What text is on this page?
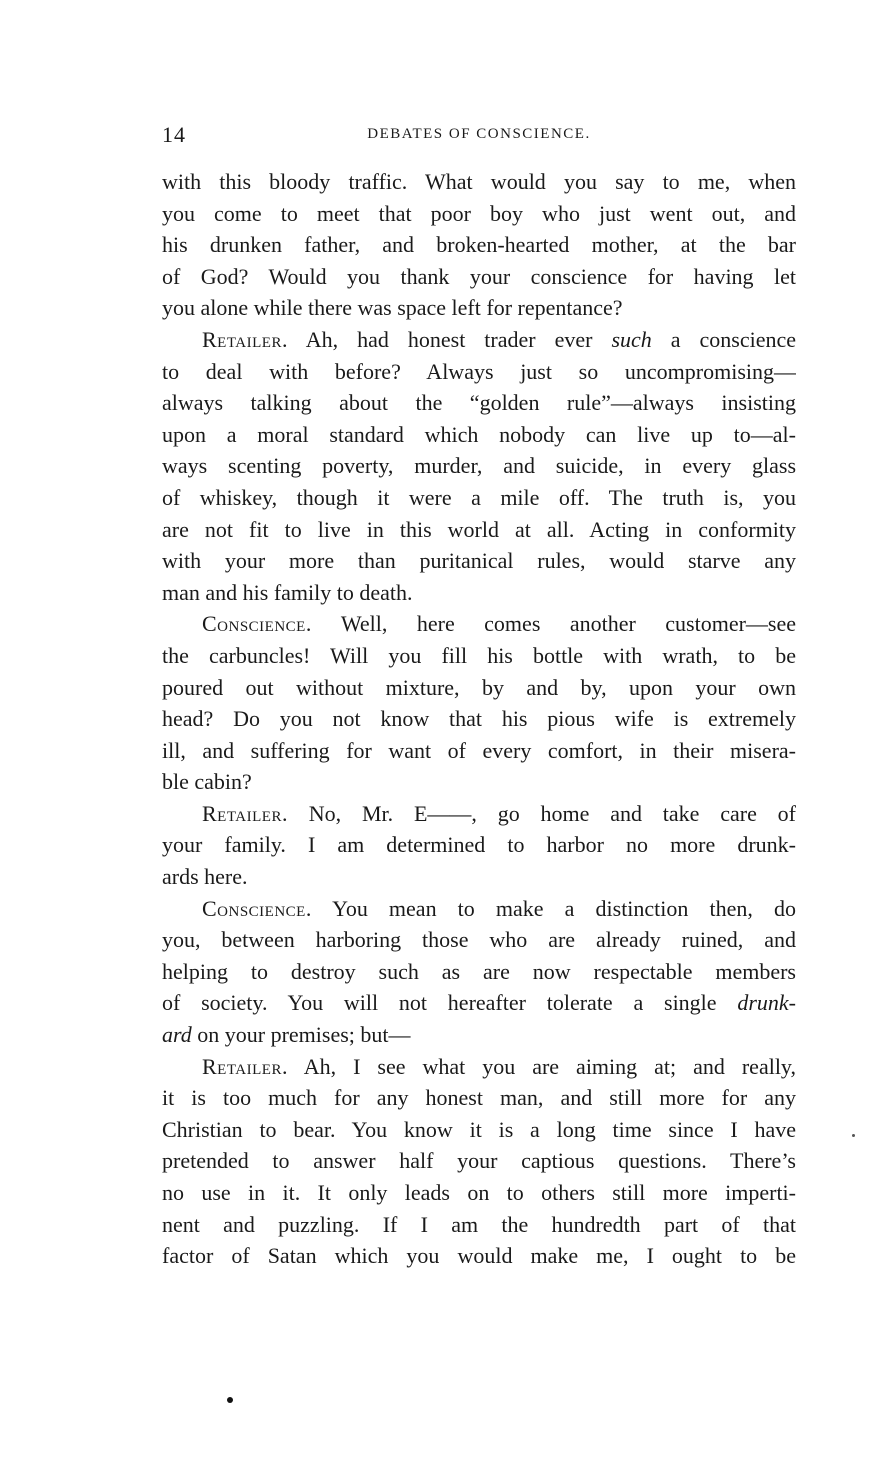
14	DEBATES OF CONSCIENCE.
with this bloody traffic. What would you say to me, when
you come to meet that poor boy who just went out, and
his drunken father, and broken-hearted mother, at the bar
of God? Would you thank your conscience for having let
you alone while there was space left for repentance?
Retailer. Ah, had honest trader ever such a conscience
to deal with before? Always just so uncompromising—
always talking about the “golden rule”—always insisting
upon a moral standard which nobody can live up to—al-
ways scenting poverty, murder, and suicide, in every glass
of whiskey, though it were a mile off. The truth is, you
are not fit to live in this world at all. Acting in conformity
with your more than puritanical rules, would starve any
man and his family to death.
Conscience. Well, here comes another customer—see
the carbuncles! Will you fill his bottle with wrath, to be
poured out without mixture, by and by, upon your own
head? Do you not know that his pious wife is extremely
ill, and suffering for want of every comfort, in their misera-
ble cabin?
Retailer. No, Mr. E——, go home and take care of
your family. I am determined to harbor no more drunk-
ards here.
Conscience. You mean to make a distinction then, do
you, between harboring those who are already ruined, and
helping to destroy such as are now respectable members
of society. You will not hereafter tolerate a single drunk-
ard on your premises; but—
Retailer. Ah, I see what you are aiming at; and really,
it is too much for any honest man, and still more for any
Christian to bear. You know it is a long time since I have
pretended to answer half your captious questions. There’s
no use in it. It only leads on to others still more imperti-
nent and puzzling. If I am the hundredth part of that
factor of Satan which you would make me, I ought to be
